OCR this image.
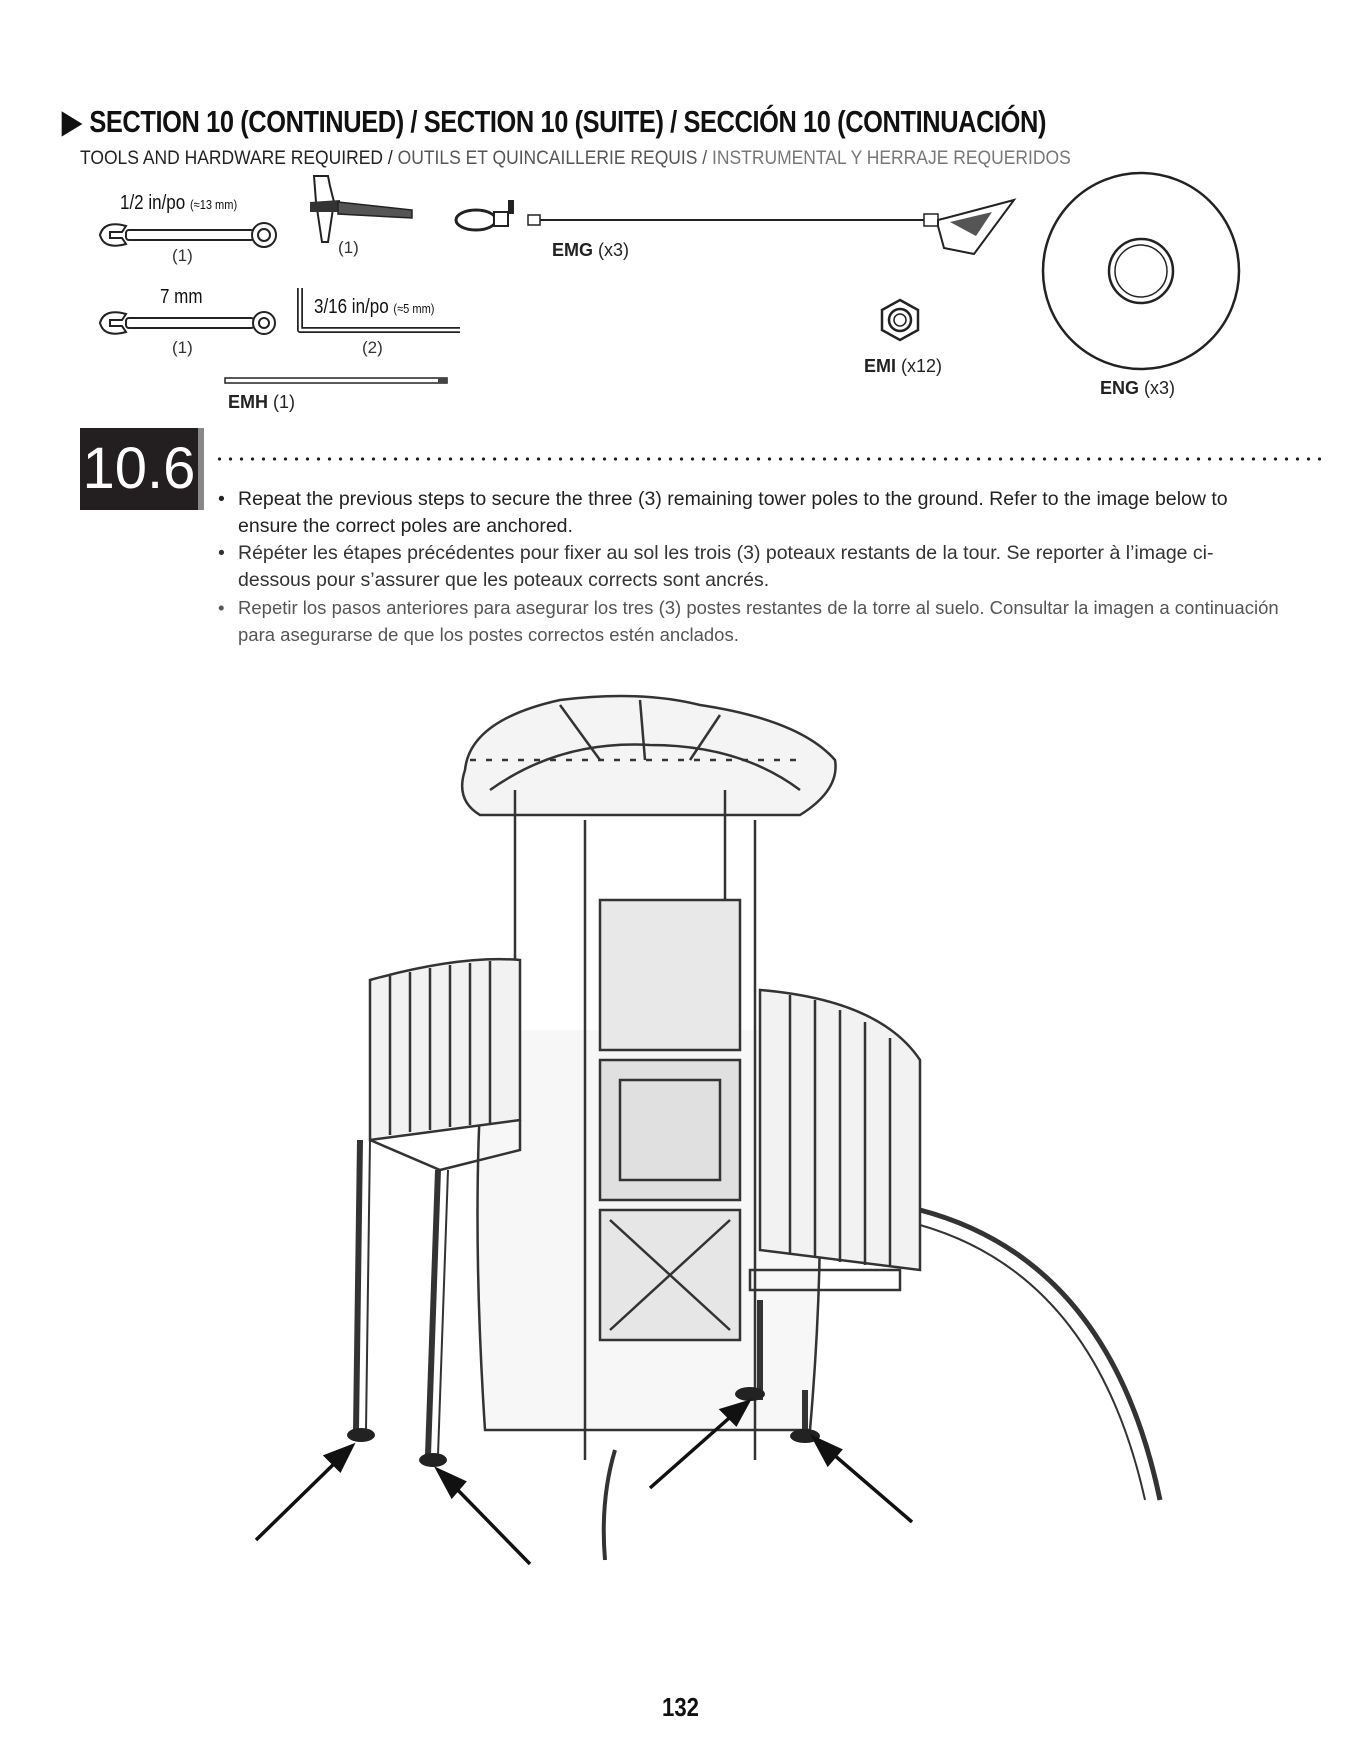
▶ SECTION 10 (CONTINUED) / SECTION 10 (SUITE) / SECCIÓN 10 (CONTINUACIÓN)
TOOLS AND HARDWARE REQUIRED / OUTILS ET QUINCAILLERIE REQUIS / INSTRUMENTAL Y HERRAJE REQUERIDOS
1/2 in/po (≈13 mm)
(1)	(1)
7 mm
(1)
3/16 in/po (≈5 mm)
(2)
EMH (1)
EMG (x3)
EMI (x12)
ENG (x3)
10.6
•	Repeat the previous steps to secure the three (3) remaining tower poles to the ground. Refer to the image below to ensure the correct poles are anchored.
• Répéter les étapes précédentes pour fixer au sol les trois (3) poteaux restants de la tour. Se reporter à l’image ci-dessous pour s’assurer que les poteaux corrects sont ancrés.
• Repetir los pasos anteriores para asegurar los tres (3) postes restantes de la torre al suelo. Consultar la imagen a continuación para asegurarse de que los postes correctos estén anclados.
132
